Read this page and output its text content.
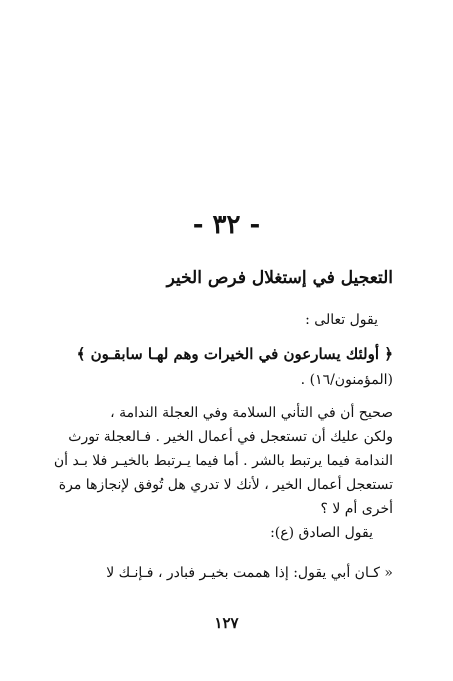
- ٣٢ -
التعجيل في إستغلال فرص الخير
يقول تعالى :
﴿ أولئك يسارعون في الخيرات وهم لهـا سابقـون ﴾
(المؤمنون/١٦) .
صحيح أن في التأني السلامة وفي العجلة الندامة ،
ولكن عليك أن تستعجل في أعمال الخير . فـالعجلة تورث
الندامة فيما يرتبط بالشر . أما فيما يـرتبط بالخيـر فلا بـد أن
تستعجل أعمال الخير ، لأنك لا تدري هل تُوفق لإنجازها مرة
أخرى أم لا ؟
يقول الصادق (ع):
« كـان أبي يقول: إذا هممت بخيـر فبادر ، فـإنـك لا
١٢٧
